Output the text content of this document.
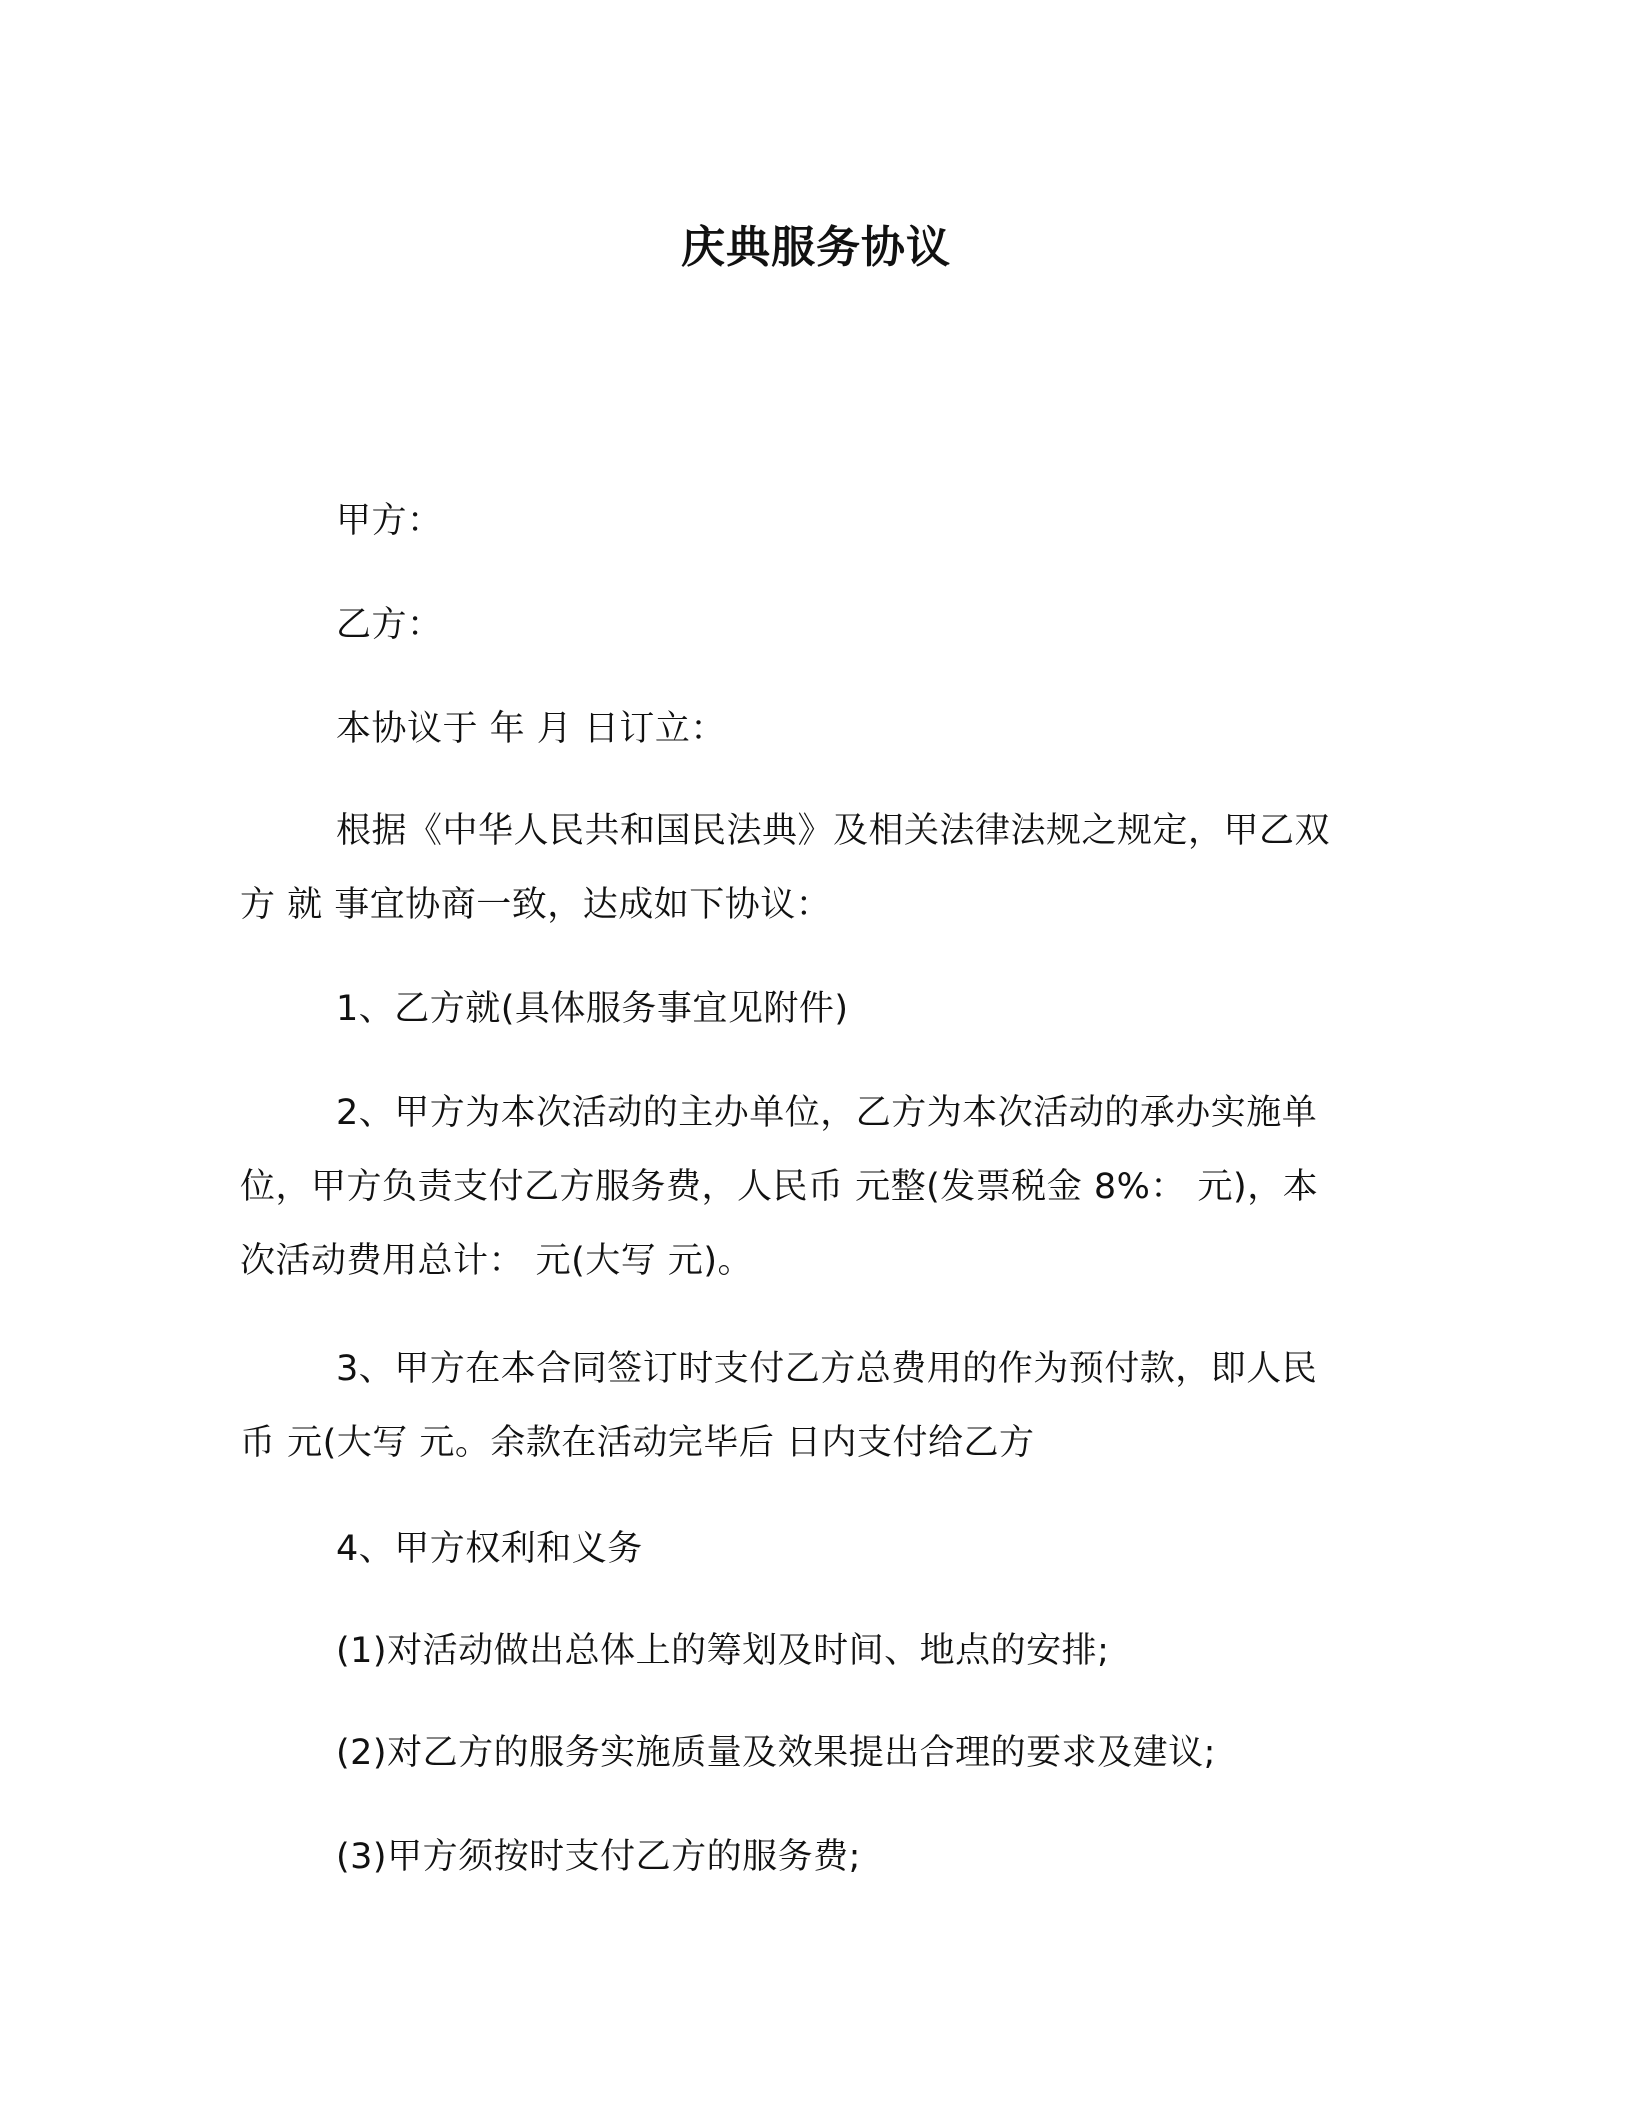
庆典服务协议
甲方：
乙方：
本协议于 年 月 日订立：
根据《中华人民共和国民法典》及相关法律法规之规定，甲乙双
方 就 事宜协商一致，达成如下协议：
1、乙方就(具体服务事宜见附件)
2、甲方为本次活动的主办单位，乙方为本次活动的承办实施单
位，甲方负责支付乙方服务费，人民币 元整(发票税金 8%： 元)，本
次活动费用总计： 元(大写 元)。
3、甲方在本合同签订时支付乙方总费用的作为预付款，即人民
币 元(大写 元。余款在活动完毕后 日内支付给乙方
4、甲方权利和义务
(1)对活动做出总体上的筹划及时间、地点的安排;
(2)对乙方的服务实施质量及效果提出合理的要求及建议;
(3)甲方须按时支付乙方的服务费;
